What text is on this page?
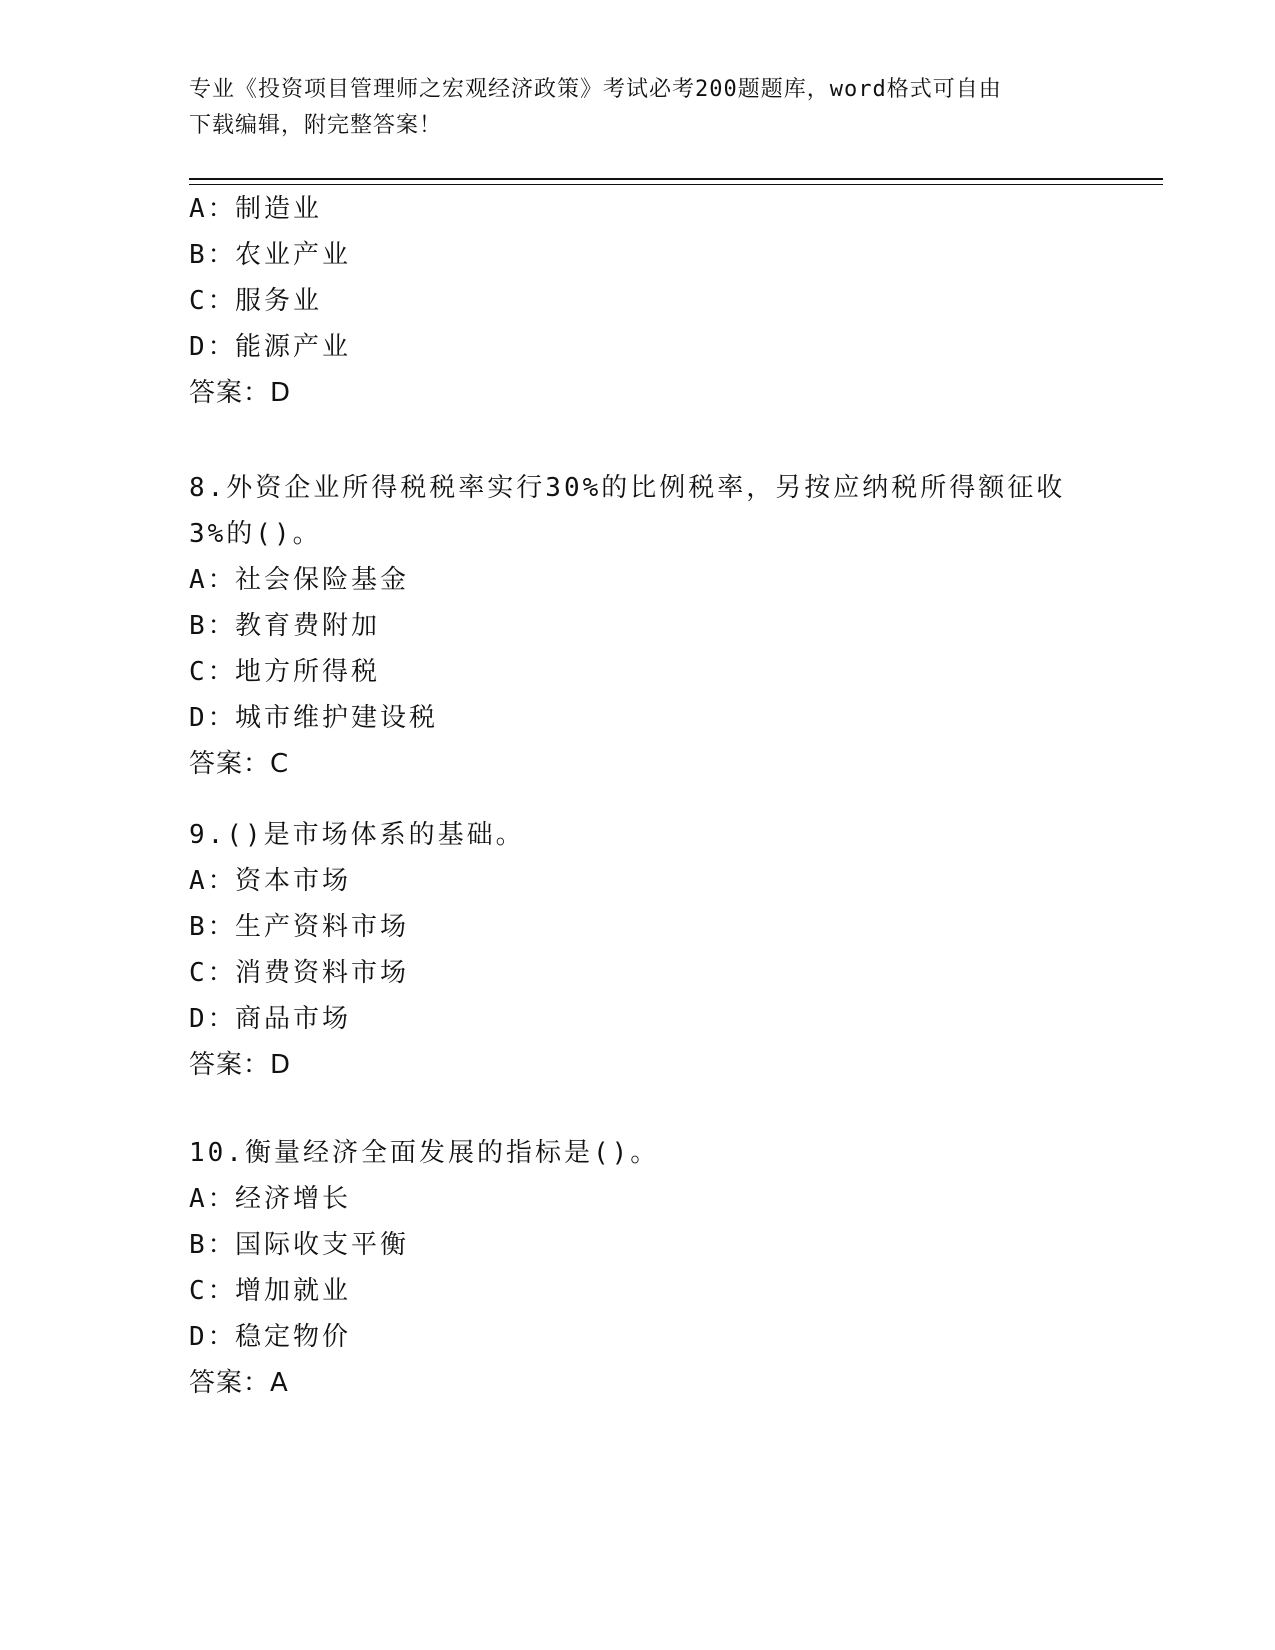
专业《投资项目管理师之宏观经济政策》考试必考200题题库，word格式可自由
下载编辑，附完整答案！
A：制造业
B：农业产业
C：服务业
D：能源产业
答案：D
8.外资企业所得税税率实行30%的比例税率，另按应纳税所得额征收
3%的()。
A：社会保险基金
B：教育费附加
C：地方所得税
D：城市维护建设税
答案：C
9.()是市场体系的基础。
A：资本市场
B：生产资料市场
C：消费资料市场
D：商品市场
答案：D
10.衡量经济全面发展的指标是()。
A：经济增长
B：国际收支平衡
C：增加就业
D：稳定物价
答案：A
